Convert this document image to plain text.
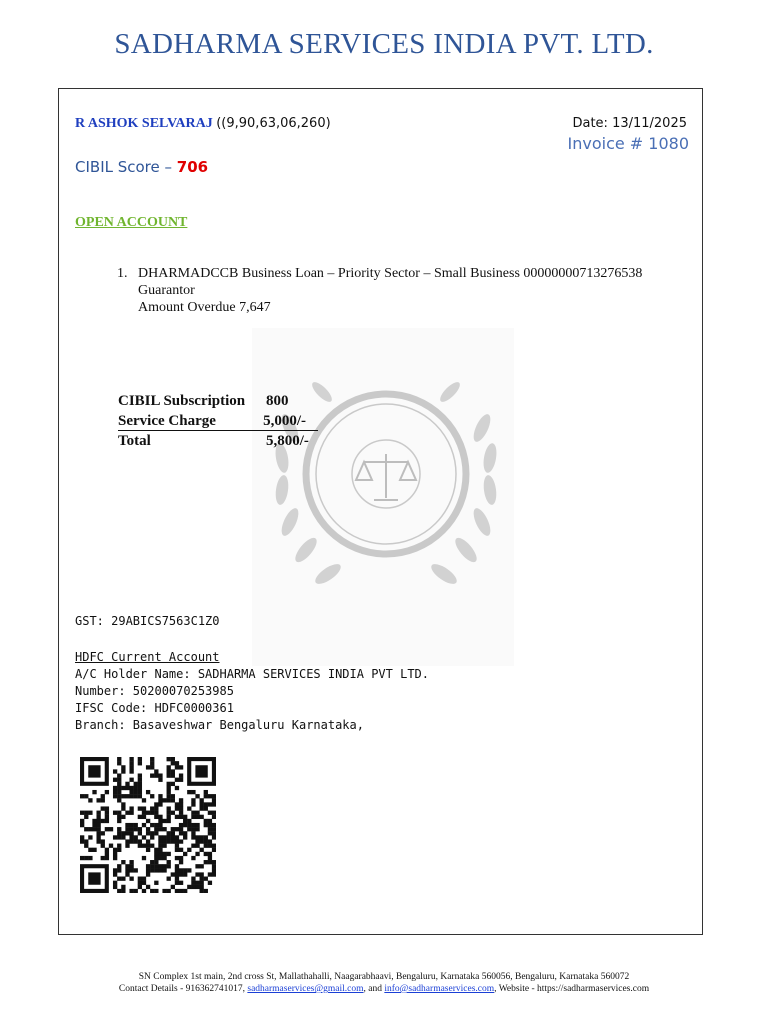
SADHARMA SERVICES INDIA PVT. LTD.
R ASHOK SELVARAJ ((9,90,63,06,260)	Date: 13/11/2025
Invoice # 1080
CIBIL Score – 706
OPEN ACCOUNT
1. DHARMADCCB Business Loan – Priority Sector – Small Business 00000000713276538
Guarantor
Amount Overdue 7,647
CIBIL Subscription	800
Service Charge	5,000/-
Total	5,800/-
GST: 29ABICS7563C1Z0
HDFC Current Account
A/C Holder Name: SADHARMA SERVICES INDIA PVT LTD.
Number: 50200070253985
IFSC Code: HDFC0000361
Branch: Basaveshwar Bengaluru Karnataka,
SN Complex 1st main, 2nd cross St, Mallathahalli, Naagarabhaavi, Bengaluru, Karnataka 560056, Bengaluru, Karnataka 560072
Contact Details - 916362741017, sadharmaservices@gmail.com, and info@sadharmaservices.com, Website - https://sadharmaservices.com
